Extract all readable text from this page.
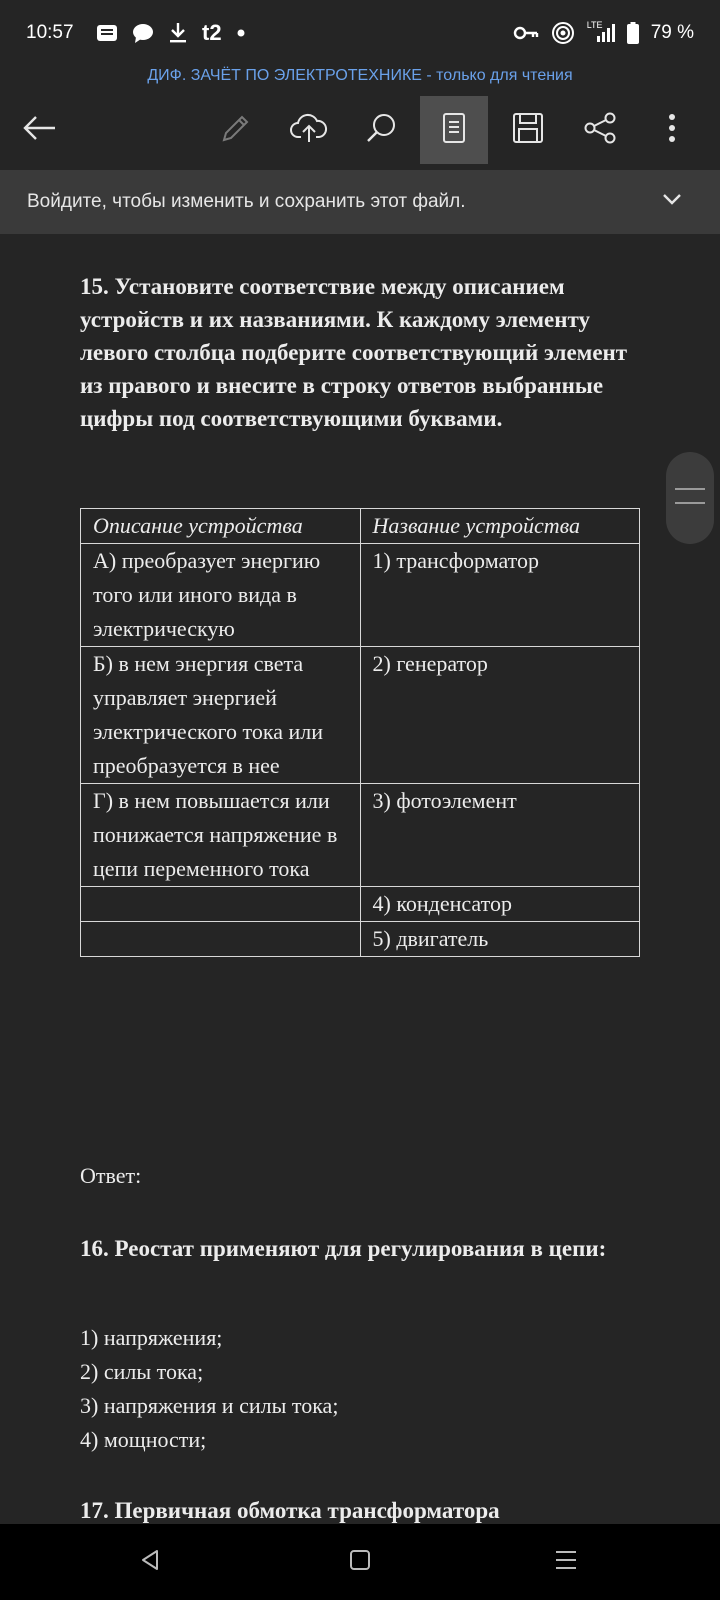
10:57	t2	LTE	79 %
ДИФ. ЗАЧЁТ ПО ЭЛЕКТРОТЕХНИКЕ - только для чтения
Войдите, чтобы изменить и сохранить этот файл.

15. Установите соответствие между описанием устройств и их названиями. К каждому элементу левого столбца подберите соответствующий элемент из правого и внесите в строку ответов выбранные цифры под соответствующими буквами.

Описание устройства	Название устройства
А) преобразует энергию того или иного вида в электрическую	1) трансформатор
Б) в нем энергия света управляет энергией электрического тока или преобразуется в нее	2) генератор
Г) в нем повышается или понижается напряжение в цепи переменного тока	3) фотоэлемент
	4) конденсатор
	5) двигатель
Ответ:

16. Реостат применяют для регулирования в цепи:

1) напряжения;
2) силы тока;
3) напряжения и силы тока;
4) мощности;

17. Первичная обмотка трансформатора
